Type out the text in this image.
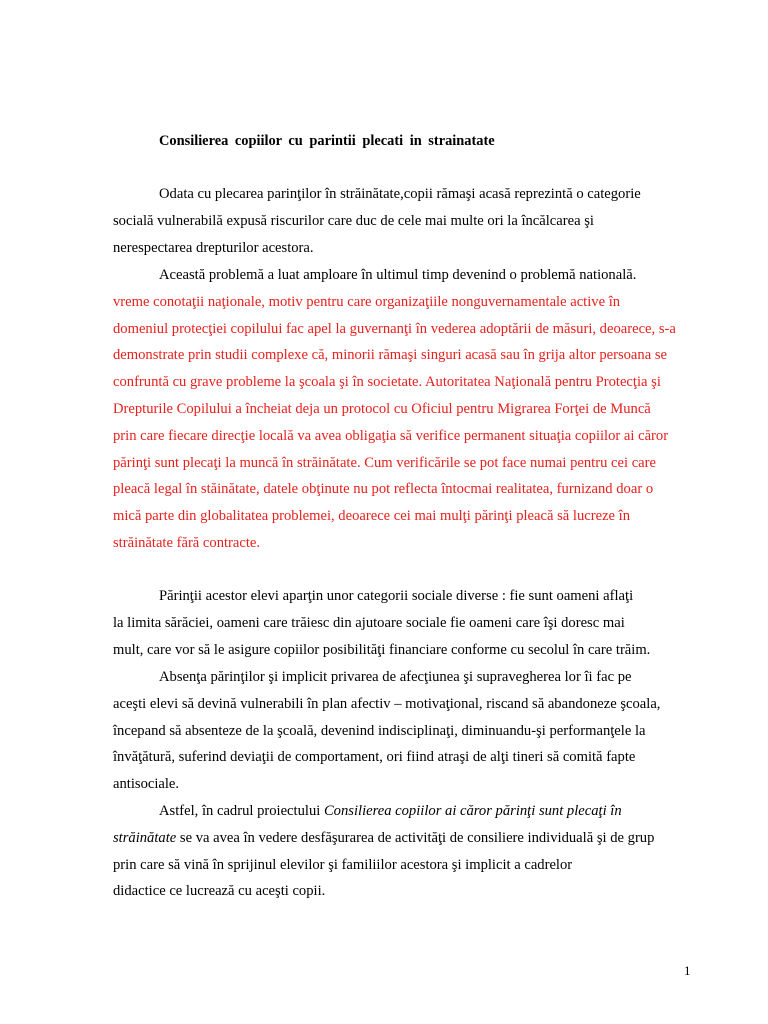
Consilierea copiilor cu parintii plecati in strainatate
Odata cu plecarea parinţilor în străinătate,copii rămaşi acasă reprezintă o categorie
socială vulnerabilă expusă riscurilor care duc de cele mai multe ori la încălcarea şi
nerespectarea drepturilor acestora.
Această problemă a luat amploare în ultimul timp devenind o problemă natională.
vreme conotaţii naţionale, motiv pentru care organizaţiile nonguvernamentale active în
domeniul protecţiei copilului fac apel la guvernanţi în vederea adoptării de măsuri, deoarece, s-a
demonstrate prin studii complexe că, minorii rămaşi singuri acasă sau în grija altor persoana se
confruntă cu grave probleme la şcoala şi în societate. Autoritatea Naţională pentru Protecţia şi
Drepturile Copilului a încheiat deja un protocol cu Oficiul pentru Migrarea Forţei de Muncă
prin care fiecare direcţie locală va avea obligaţia să verifice permanent situaţia copiilor ai căror
părinţi sunt plecaţi la muncă în străinătate. Cum verificările se pot face numai pentru cei care
pleacă legal în stăinătate, datele obţinute nu pot reflecta întocmai realitatea, furnizand doar o
mică parte din globalitatea problemei, deoarece cei mai mulţi părinţi pleacă să lucreze în
străinătate fără contracte.
Părinţii acestor elevi aparţin unor categorii sociale diverse : fie sunt oameni aflaţi
la limita sărăciei, oameni care trăiesc din ajutoare sociale fie oameni care îşi doresc mai
mult, care vor să le asigure copiilor posibilităţi financiare conforme cu secolul în care trăim.
Absenţa părinţilor şi implicit privarea de afecţiunea şi supravegherea lor îi fac pe
aceşti elevi să devină vulnerabili în plan afectiv – motivaţional, riscand să abandoneze şcoala,
începand să absenteze de la şcoală, devenind indisciplinaţi, diminuandu-şi performanţele la
învăţătură, suferind deviaţii de comportament, ori fiind atraşi de alţi tineri să comită fapte
antisociale.
Astfel, în cadrul proiectului Consilierea copiilor ai căror părinţi sunt plecaţi în
străinătate se va avea în vedere desfăşurarea de activităţi de consiliere individuală şi de grup
prin care să vină în sprijinul elevilor şi familiilor acestora şi implicit a cadrelor
didactice ce lucrează cu aceşti copii.
1
